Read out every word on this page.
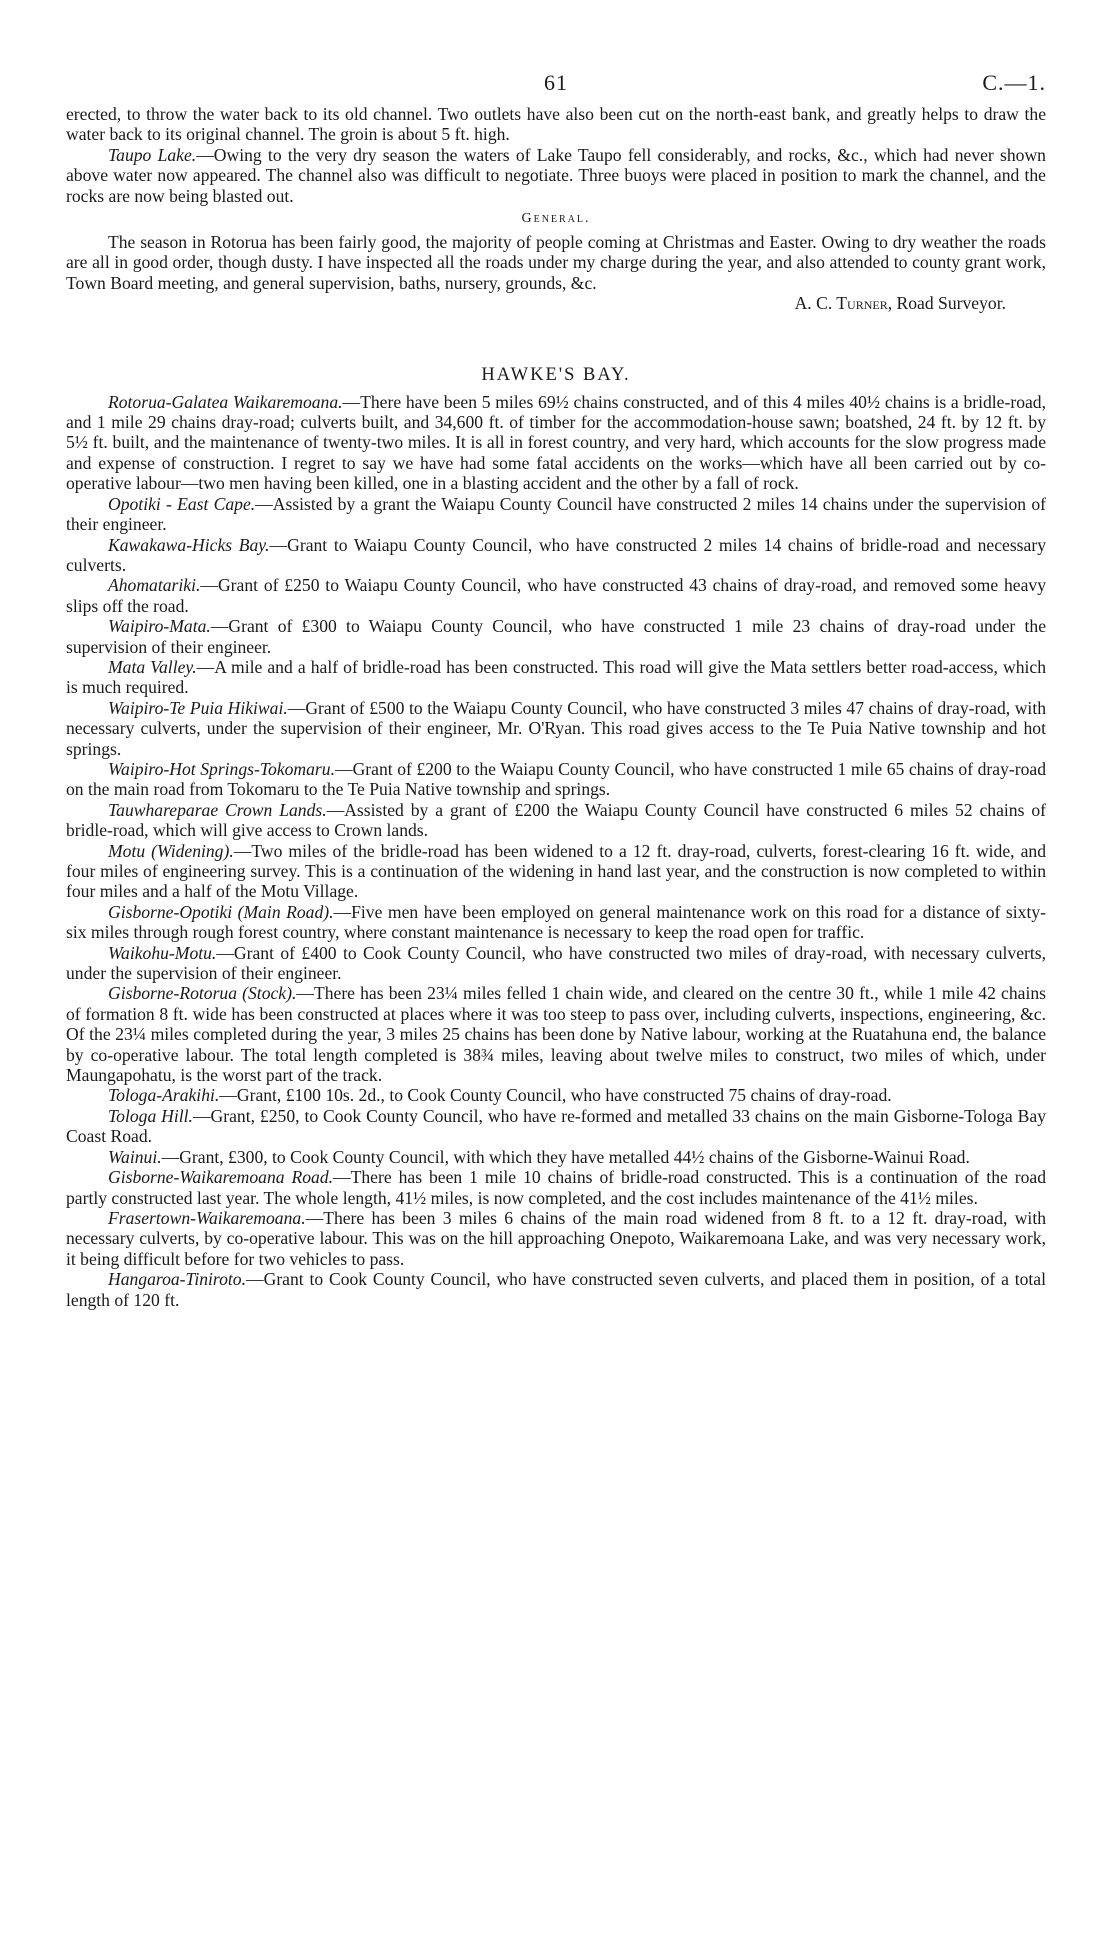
61	C.—1.

erected, to throw the water back to its old channel. Two outlets have also been cut on the north-east bank, and greatly helps to draw the water back to its original channel. The groin is about 5 ft. high.

Taupo Lake.—Owing to the very dry season the waters of Lake Taupo fell considerably, and rocks, &c., which had never shown above water now appeared. The channel also was difficult to negotiate. Three buoys were placed in position to mark the channel, and the rocks are now being blasted out.

General.

The season in Rotorua has been fairly good, the majority of people coming at Christmas and Easter. Owing to dry weather the roads are all in good order, though dusty. I have inspected all the roads under my charge during the year, and also attended to county grant work, Town Board meeting, and general supervision, baths, nursery, grounds, &c.

A. C. Turner, Road Surveyor.
HAWKE'S BAY.

Rotorua-Galatea Waikaremoana.—There have been 5 miles 69½ chains constructed, and of this 4 miles 40½ chains is a bridle-road, and 1 mile 29 chains dray-road; culverts built, and 34,600 ft. of timber for the accommodation-house sawn; boatshed, 24 ft. by 12 ft. by 5½ ft. built, and the maintenance of twenty-two miles. It is all in forest country, and very hard, which accounts for the slow progress made and expense of construction. I regret to say we have had some fatal accidents on the works—which have all been carried out by co-operative labour—two men having been killed, one in a blasting accident and the other by a fall of rock.

Opotiki - East Cape.—Assisted by a grant the Waiapu County Council have constructed 2 miles 14 chains under the supervision of their engineer.

Kawakawa-Hicks Bay.—Grant to Waiapu County Council, who have constructed 2 miles 14 chains of bridle-road and necessary culverts.

Ahomatariki.—Grant of £250 to Waiapu County Council, who have constructed 43 chains of dray-road, and removed some heavy slips off the road.

Waipiro-Mata.—Grant of £300 to Waiapu County Council, who have constructed 1 mile 23 chains of dray-road under the supervision of their engineer.

Mata Valley.—A mile and a half of bridle-road has been constructed. This road will give the Mata settlers better road-access, which is much required.

Waipiro-Te Puia Hikiwai.—Grant of £500 to the Waiapu County Council, who have constructed 3 miles 47 chains of dray-road, with necessary culverts, under the supervision of their engineer, Mr. O'Ryan. This road gives access to the Te Puia Native township and hot springs.

Waipiro-Hot Springs-Tokomaru.—Grant of £200 to the Waiapu County Council, who have constructed 1 mile 65 chains of dray-road on the main road from Tokomaru to the Te Puia Native township and springs.

Tauwhareparae Crown Lands.—Assisted by a grant of £200 the Waiapu County Council have constructed 6 miles 52 chains of bridle-road, which will give access to Crown lands.

Motu (Widening).—Two miles of the bridle-road has been widened to a 12 ft. dray-road, culverts, forest-clearing 16 ft. wide, and four miles of engineering survey. This is a continuation of the widening in hand last year, and the construction is now completed to within four miles and a half of the Motu Village.

Gisborne-Opotiki (Main Road).—Five men have been employed on general maintenance work on this road for a distance of sixty-six miles through rough forest country, where constant maintenance is necessary to keep the road open for traffic.

Waikohu-Motu.—Grant of £400 to Cook County Council, who have constructed two miles of dray-road, with necessary culverts, under the supervision of their engineer.

Gisborne-Rotorua (Stock).—There has been 23¼ miles felled 1 chain wide, and cleared on the centre 30 ft., while 1 mile 42 chains of formation 8 ft. wide has been constructed at places where it was too steep to pass over, including culverts, inspections, engineering, &c. Of the 23¼ miles completed during the year, 3 miles 25 chains has been done by Native labour, working at the Ruatahuna end, the balance by co-operative labour. The total length completed is 38¾ miles, leaving about twelve miles to construct, two miles of which, under Maungapohatu, is the worst part of the track.

Tologa-Arakihi.—Grant, £100 10s. 2d., to Cook County Council, who have constructed 75 chains of dray-road.

Tologa Hill.—Grant, £250, to Cook County Council, who have re-formed and metalled 33 chains on the main Gisborne-Tologa Bay Coast Road.

Wainui.—Grant, £300, to Cook County Council, with which they have metalled 44½ chains of the Gisborne-Wainui Road.

Gisborne-Waikaremoana Road.—There has been 1 mile 10 chains of bridle-road constructed. This is a continuation of the road partly constructed last year. The whole length, 41½ miles, is now completed, and the cost includes maintenance of the 41½ miles.

Frasertown-Waikaremoana.—There has been 3 miles 6 chains of the main road widened from 8 ft. to a 12 ft. dray-road, with necessary culverts, by co-operative labour. This was on the hill approaching Onepoto, Waikaremoana Lake, and was very necessary work, it being difficult before for two vehicles to pass.

Hangaroa-Tiniroto.—Grant to Cook County Council, who have constructed seven culverts, and placed them in position, of a total length of 120 ft.
